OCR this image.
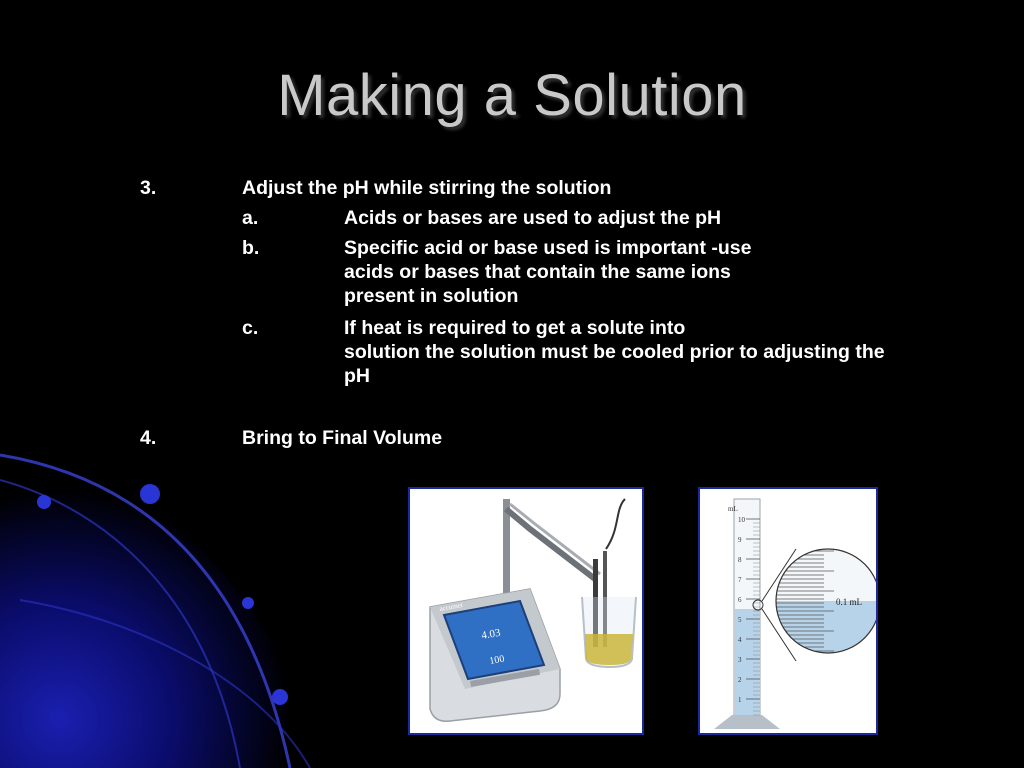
Making a Solution
3.	Adjust the pH while stirring the solution
a.	Acids or bases are used to adjust the pH
b.	Specific acid or base used is important -use
acids or bases that contain the same ions
present in solution
c.	If heat is required to get a solute into
solution the solution must be cooled prior to adjusting the
pH
4.	Bring to Final Volume
4.03
100
accumet
mL
10
9
8
7
6
5
4
3
2
1
0.1 mL
